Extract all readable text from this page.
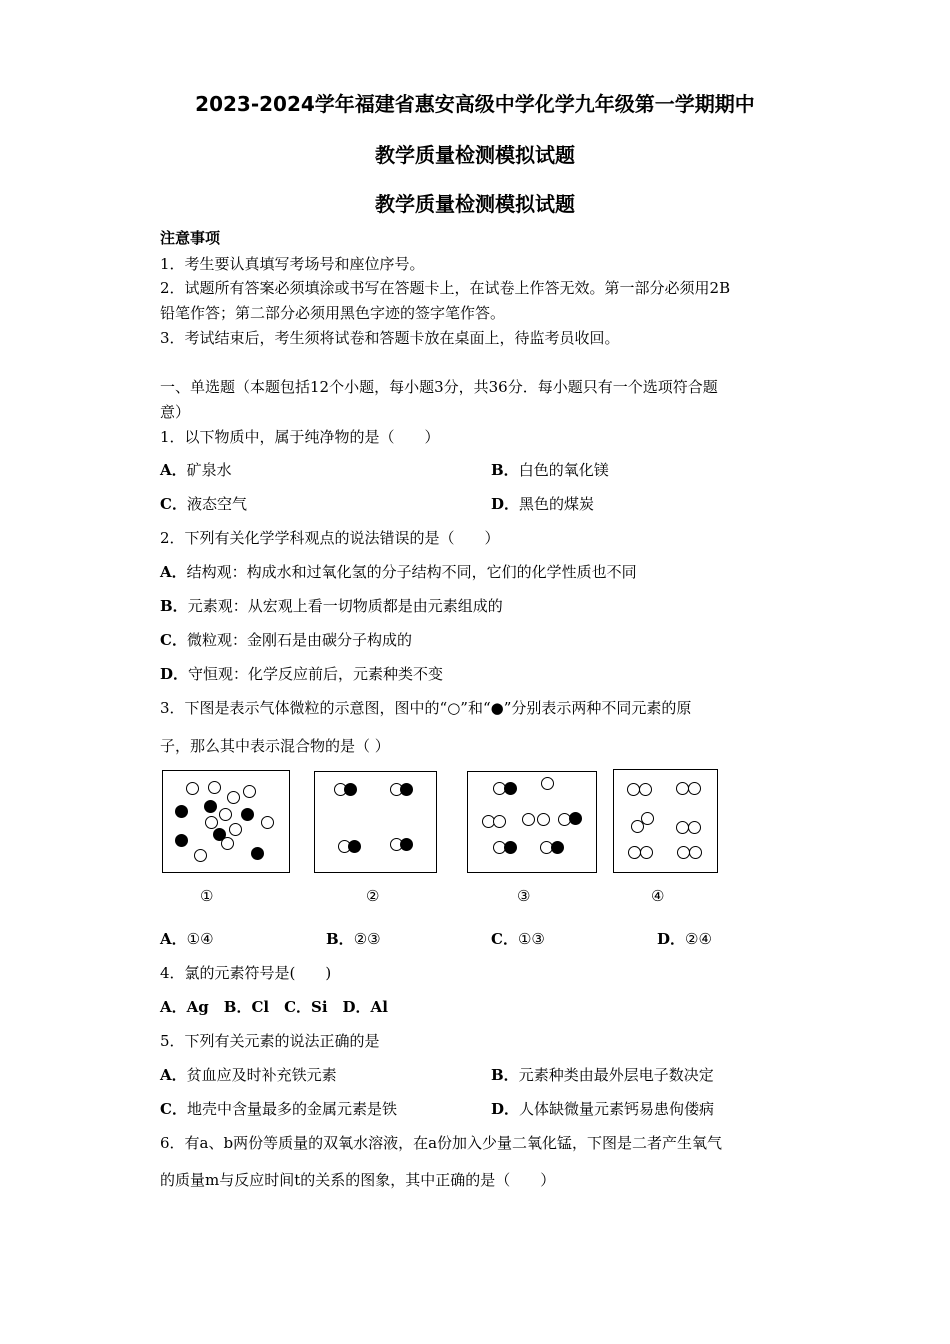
2023-2024学年福建省惠安高级中学化学九年级第一学期期中
教学质量检测模拟试题
教学质量检测模拟试题
注意事项
1．考生要认真填写考场号和座位序号。
2．试题所有答案必须填涂或书写在答题卡上，在试卷上作答无效。第一部分必须用2B
铅笔作答；第二部分必须用黑色字迹的签字笔作答。
3．考试结束后，考生须将试卷和答题卡放在桌面上，待监考员收回。
一、单选题（本题包括12个小题，每小题3分，共36分．每小题只有一个选项符合题
意）
1．以下物质中，属于纯净物的是（　　）
A．矿泉水	B．白色的氧化镁
C．液态空气	D．黑色的煤炭
2．下列有关化学学科观点的说法错误的是（　　）
A．结构观：构成水和过氧化氢的分子结构不同，它们的化学性质也不同
B．元素观：从宏观上看一切物质都是由元素组成的
C．微粒观：金刚石是由碳分子构成的
D．守恒观：化学反应前后，元素种类不变
3．下图是表示气体微粒的示意图，图中的“○”和“●”分别表示两种不同元素的原
子，那么其中表示混合物的是（ ）
①	②	③	④
A．①④	B．②③	C．①③	D．②④
4．氯的元素符号是(　　)
A．Ag　B．Cl　C．Si　D．Al
5．下列有关元素的说法正确的是
A．贫血应及时补充铁元素	B．元素种类由最外层电子数决定
C．地壳中含量最多的金属元素是铁	D．人体缺微量元素钙易患佝偻病
6．有a、b两份等质量的双氧水溶液，在a份加入少量二氧化锰，下图是二者产生氧气
的质量m与反应时间t的关系的图象，其中正确的是（　　）
